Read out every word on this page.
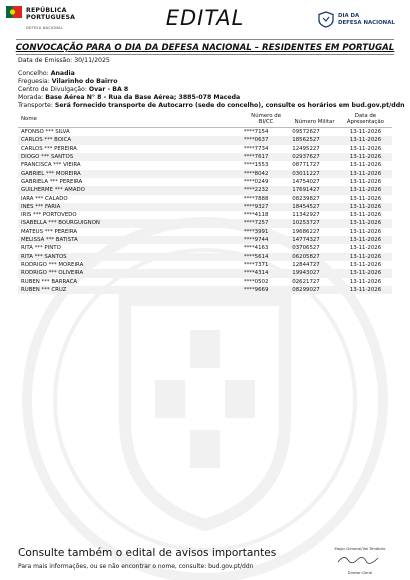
REPÚBLICA
PORTUGUESA
DEFESA NACIONAL	EDITAL	DIA DA
DEFESA NACIONAL
CONVOCAÇÃO PARA O DIA DA DEFESA NACIONAL – RESIDENTES EM PORTUGAL
Data de Emissão: 30/11/2025
Concelho: Anadia
Freguesia: Vilarinho do Bairro
Centro de Divulgação: Ovar - BA 8
Morada: Base Aérea N° 8 - Rua da Base Aérea; 3885-078 Maceda
Transporte: Será fornecido transporte de Autocarro (sede do concelho), consulte os horários em bud.gov.pt/ddn
Nome	Número de BI/CC	Número Militar	Data de Apresentação
AFONSO *** SILVA	****7154	09572627	13-11-2026
CARLOS *** BOICA	****0637	18562527	13-11-2026
CARLOS *** PEREIRA	****7734	12495227	13-11-2026
DIOGO *** SANTOS	****7617	02937627	13-11-2026
FRANCISCA *** VIEIRA	****1553	08771727	13-11-2026
GABRIEL *** MOREIRA	****8042	03011227	13-11-2026
GABRIELA *** PEREIRA	****0249	14754027	13-11-2026
GUILHERME *** AMADO	****2232	17691427	13-11-2026
IARA *** CALADO	****7888	08239827	13-11-2026
INES *** FARIA	****9327	18454527	13-11-2026
IRIS *** PORTOVEDO	****4118	11342927	13-11-2026
ISABELLA *** BOURGUIGNON	****7257	10253727	13-11-2026
MATEUS *** PEREIRA	****3991	19686227	13-11-2026
MELISSA *** BATISTA	****9744	14774327	13-11-2026
RITA *** PINTO	****4163	03706527	13-11-2026
RITA *** SANTOS	****5614	06205827	13-11-2026
RODRIGO *** MOREIRA	****7371	12844727	13-11-2026
RODRIGO *** OLIVEIRA	****4314	19943027	13-11-2026
RUBEN *** BARRACA	****0502	02621727	13-11-2026
RUBEN *** CRUZ	****9669	08299027	13-11-2026
Consulte também o edital de avisos importantes
Para mais informações, ou se não encontrar o nome, consulte: bud.gov.pt/ddn
Major-General/Vai Tenâbiro
Diretor-Geral
